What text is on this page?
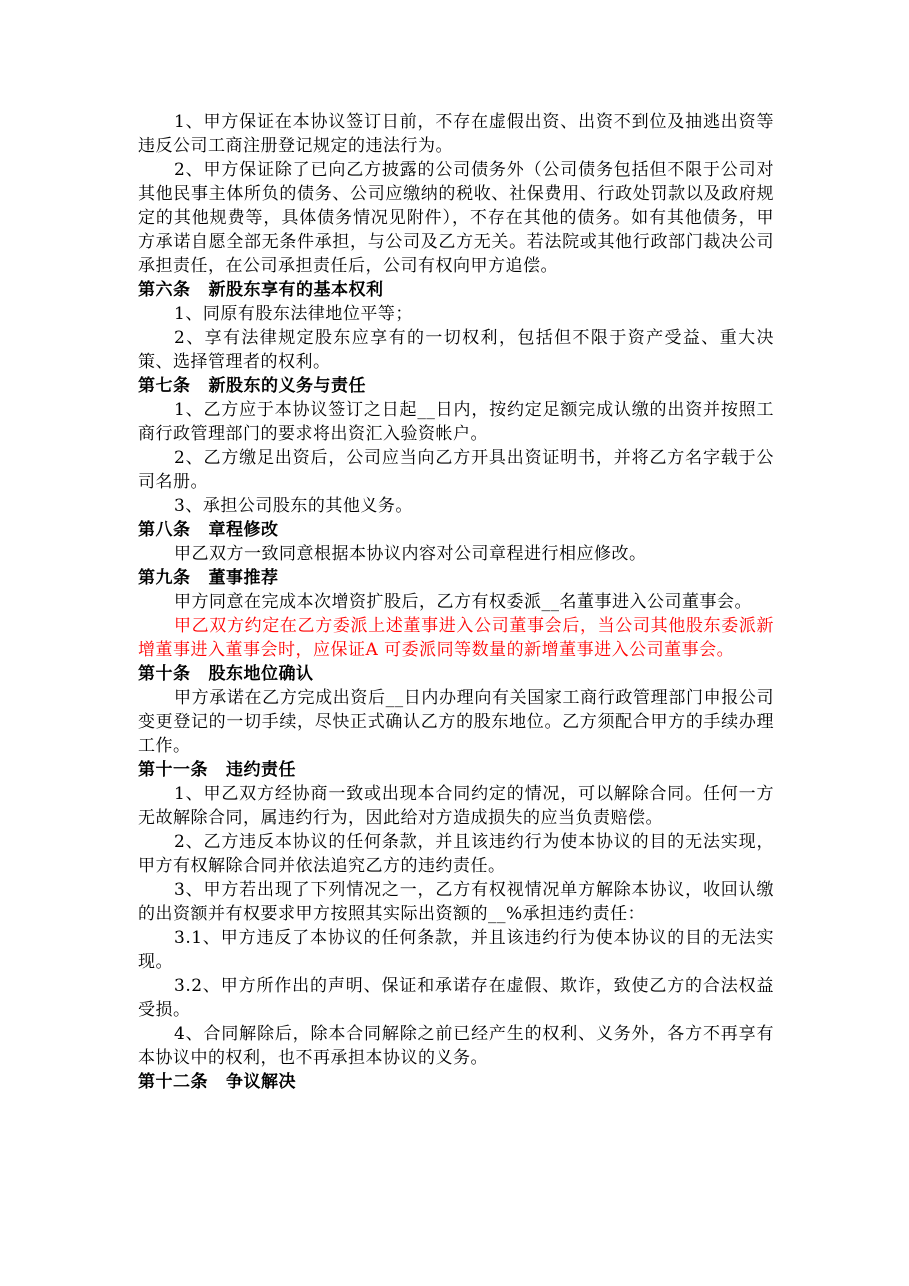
1、甲方保证在本协议签订日前，不存在虚假出资、出资不到位及抽逃出资等违反公司工商注册登记规定的违法行为。

2、甲方保证除了已向乙方披露的公司债务外（公司债务包括但不限于公司对其他民事主体所负的债务、公司应缴纳的税收、社保费用、行政处罚款以及政府规定的其他规费等，具体债务情况见附件），不存在其他的债务。如有其他债务，甲方承诺自愿全部无条件承担，与公司及乙方无关。若法院或其他行政部门裁决公司承担责任，在公司承担责任后，公司有权向甲方追偿。

第六条 新股东享有的基本权利

1、同原有股东法律地位平等；

2、享有法律规定股东应享有的一切权利，包括但不限于资产受益、重大决策、选择管理者的权利。

第七条 新股东的义务与责任

1、乙方应于本协议签订之日起__日内，按约定足额完成认缴的出资并按照工商行政管理部门的要求将出资汇入验资帐户。

2、乙方缴足出资后，公司应当向乙方开具出资证明书，并将乙方名字载于公司名册。

3、承担公司股东的其他义务。

第八条 章程修改

甲乙双方一致同意根据本协议内容对公司章程进行相应修改。

第九条 董事推荐

甲方同意在完成本次增资扩股后，乙方有权委派__名董事进入公司董事会。

甲乙双方约定在乙方委派上述董事进入公司董事会后，当公司其他股东委派新增董事进入董事会时，应保证A 可委派同等数量的新增董事进入公司董事会。

第十条 股东地位确认

甲方承诺在乙方完成出资后__日内办理向有关国家工商行政管理部门申报公司变更登记的一切手续，尽快正式确认乙方的股东地位。乙方须配合甲方的手续办理工作。

第十一条 违约责任

1、甲乙双方经协商一致或出现本合同约定的情况，可以解除合同。任何一方无故解除合同，属违约行为，因此给对方造成损失的应当负责赔偿。

2、乙方违反本协议的任何条款，并且该违约行为使本协议的目的无法实现，甲方有权解除合同并依法追究乙方的违约责任。

3、甲方若出现了下列情况之一，乙方有权视情况单方解除本协议，收回认缴的出资额并有权要求甲方按照其实际出资额的__%承担违约责任：

3.1、甲方违反了本协议的任何条款，并且该违约行为使本协议的目的无法实现。

3.2、甲方所作出的声明、保证和承诺存在虚假、欺诈，致使乙方的合法权益受损。

4、合同解除后，除本合同解除之前已经产生的权利、义务外，各方不再享有本协议中的权利，也不再承担本协议的义务。

第十二条 争议解决
